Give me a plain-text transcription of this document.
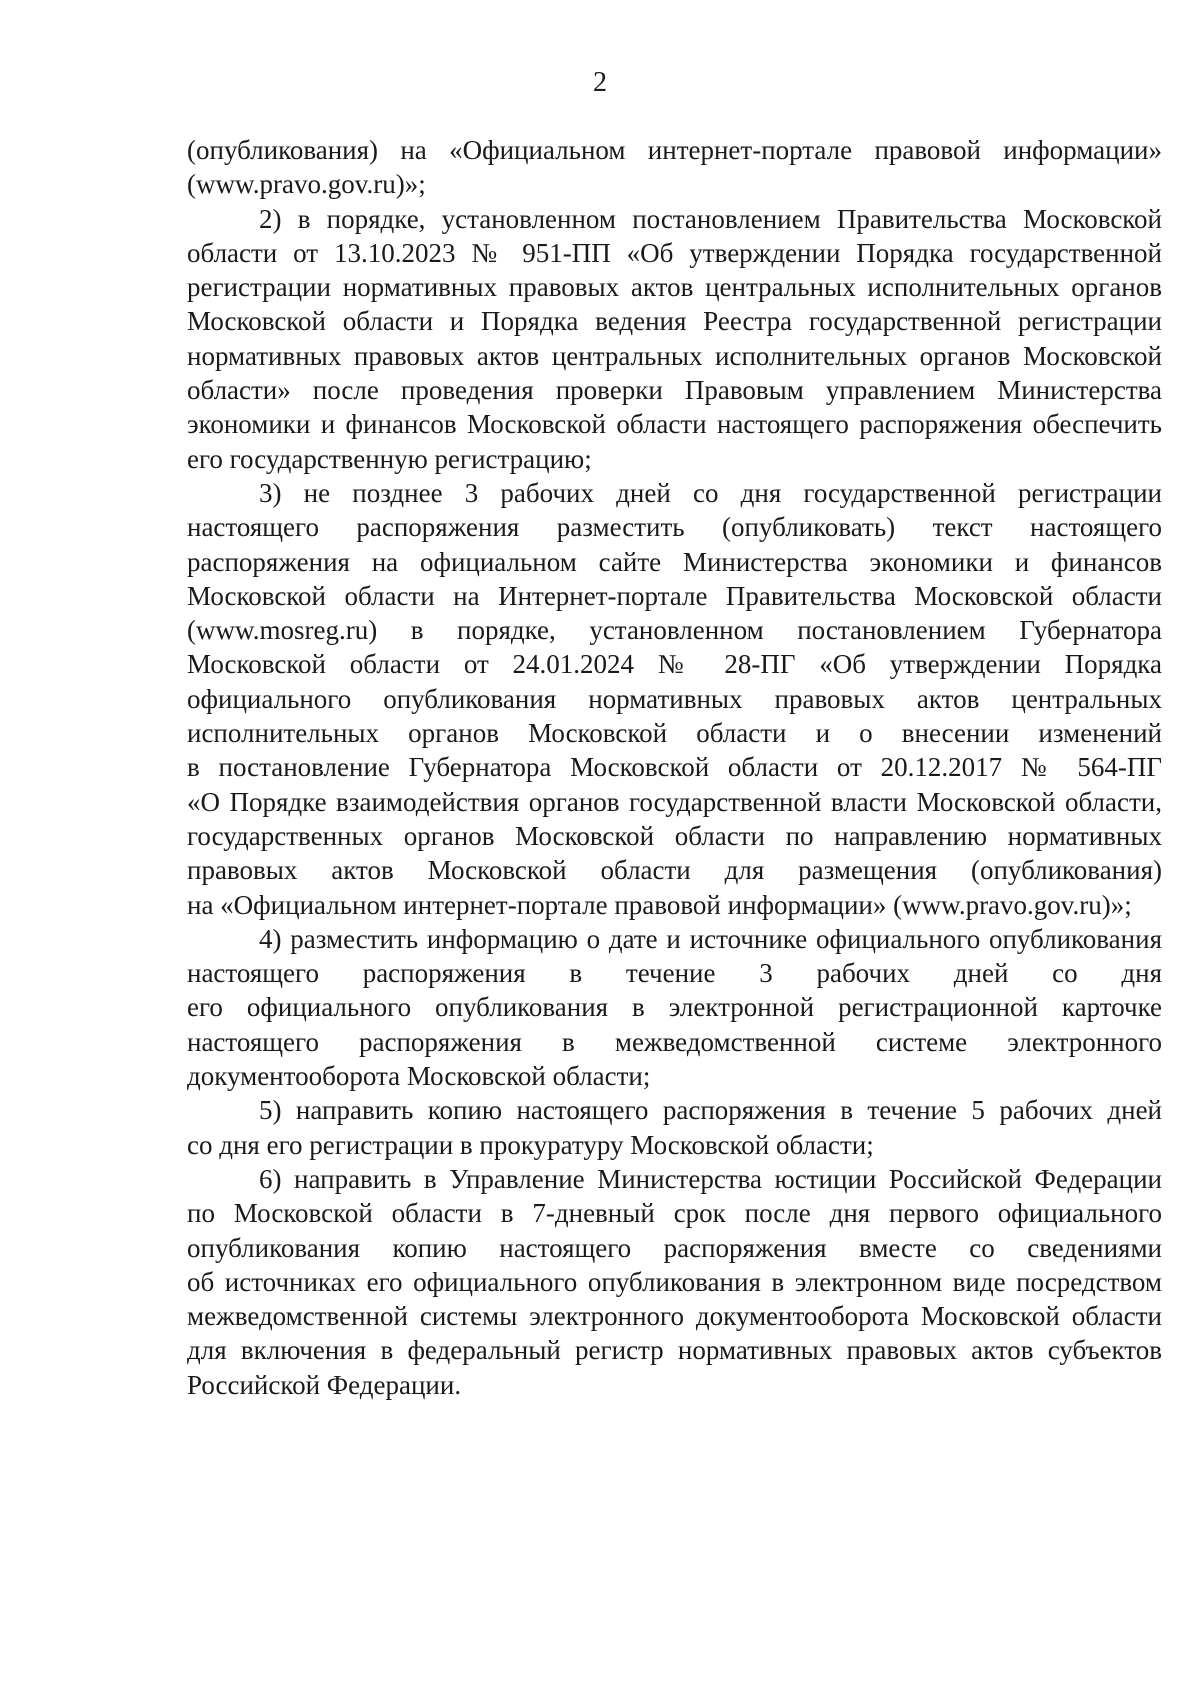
2
(опубликования) на «Официальном интернет-портале правовой информации»
(www.pravo.gov.ru)»;
2) в порядке, установленном постановлением Правительства Московской
области от 13.10.2023 № 951-ПП «Об утверждении Порядка государственной
регистрации нормативных правовых актов центральных исполнительных органов
Московской области и Порядка ведения Реестра государственной регистрации
нормативных правовых актов центральных исполнительных органов Московской
области» после проведения проверки Правовым управлением Министерства
экономики и финансов Московской области настоящего распоряжения обеспечить
его государственную регистрацию;
3) не позднее 3 рабочих дней со дня государственной регистрации
настоящего распоряжения разместить (опубликовать) текст настоящего
распоряжения на официальном сайте Министерства экономики и финансов
Московской области на Интернет-портале Правительства Московской области
(www.mosreg.ru) в порядке, установленном постановлением Губернатора
Московской области от 24.01.2024 № 28-ПГ «Об утверждении Порядка
официального опубликования нормативных правовых актов центральных
исполнительных органов Московской области и о внесении изменений
в постановление Губернатора Московской области от 20.12.2017 № 564-ПГ
«О Порядке взаимодействия органов государственной власти Московской области,
государственных органов Московской области по направлению нормативных
правовых актов Московской области для размещения (опубликования)
на «Официальном интернет-портале правовой информации» (www.pravo.gov.ru)»;
4) разместить информацию о дате и источнике официального опубликования
настоящего распоряжения в течение 3 рабочих дней со дня
его официального опубликования в электронной регистрационной карточке
настоящего распоряжения в межведомственной системе электронного
документооборота Московской области;
5) направить копию настоящего распоряжения в течение 5 рабочих дней
со дня его регистрации в прокуратуру Московской области;
6) направить в Управление Министерства юстиции Российской Федерации
по Московской области в 7-дневный срок после дня первого официального
опубликования копию настоящего распоряжения вместе со сведениями
об источниках его официального опубликования в электронном виде посредством
межведомственной системы электронного документооборота Московской области
для включения в федеральный регистр нормативных правовых актов субъектов
Российской Федерации.
